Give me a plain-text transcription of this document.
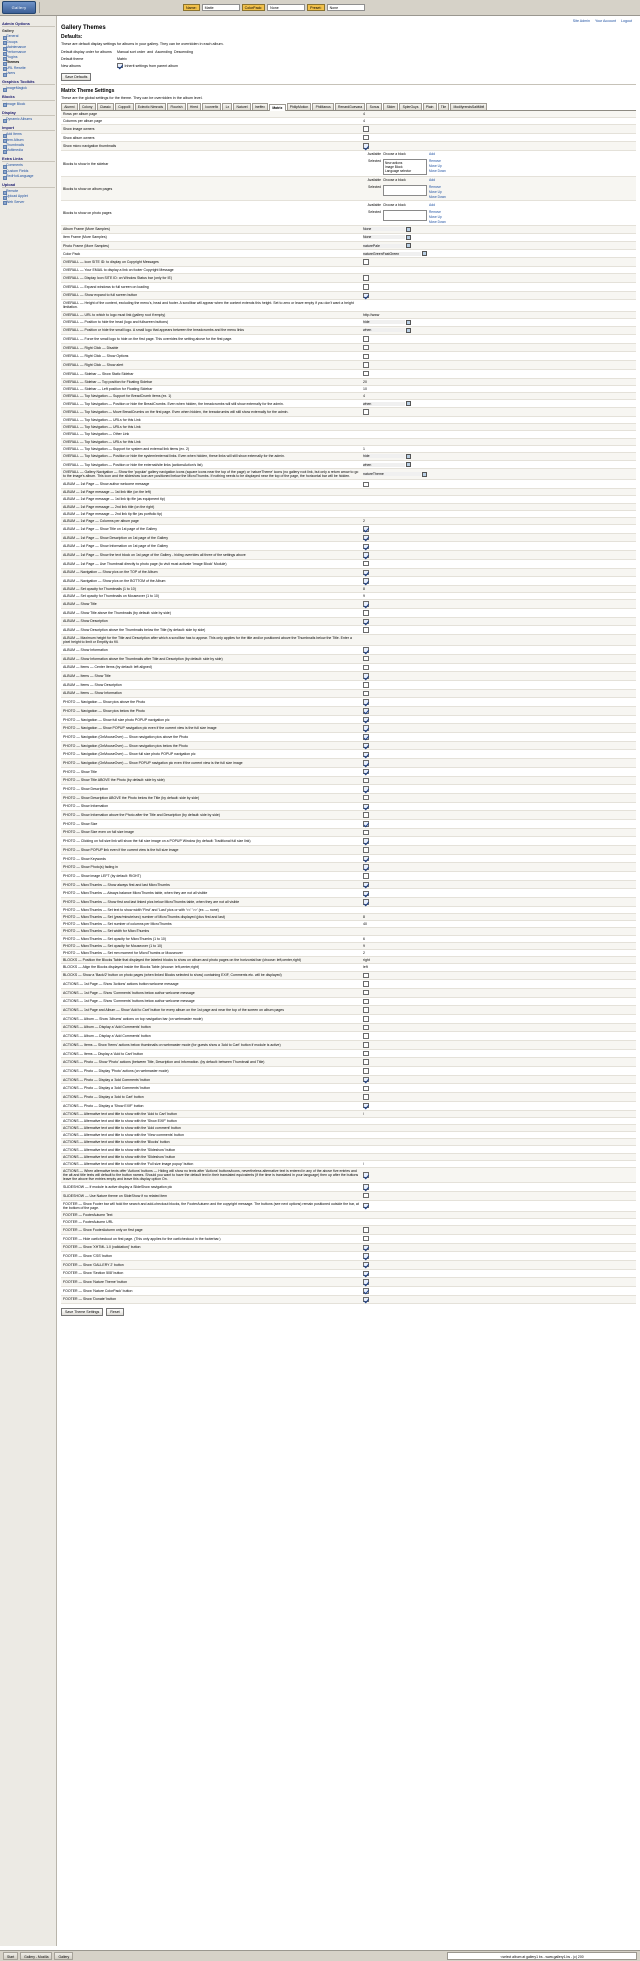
Gallery	Name:	Matte	ColorPack:	None	Preset:	None
Admin Options
Gallery
General
Groups
Maintenance
Performance
Plugins
Themes
URL Rewrite
Users
Graphics Toolkits
ImageMagick
Blocks
Image Block
Display
Dynamic Albums
Import
Add Items
Item Album
Thumbnails
Multimedia
Extra Links
Comments
Custom Fields
RedHotLanguage
Upload
Remote
Upload Applet
Web Server
Site Admin Your Account Logout
Gallery Themes
Defaults:
These are default display settings for albums in your gallery. They can be overridden in each album.
Default display order for albums	Manual sort order and Ascending Descending
Default theme	Matrix
New albums	Inherit settings from parent album
Save Defaults
Matrix Theme Settings
These are the global settings for the theme. They can be overridden in the album level.
Alumni	Colony	Classic	Coppolli	Eclectic Nimrods	Flourish	Hired	Iconrefix	Lx	Naturel	Ineffex	Matrix	PhilipMotion	PhiManus	RenardGuevara	Sonus	Slider	SplerGuys	Plain	Tile	ModifyrendsSaltMbfi
Rows per album page	4
Columns per album page	4
Show image owners	
Show album owners	
Show micro navigation thumbnails	
Blocks to show in the sidebar	
Available Choose a block	Add
Selected New actions
Image Block
Language selector
Remove
Move Up
Move Down

Blocks to show on album pages	
Available Choose a block	Add
Selected	Remove
Move Up
Move Down

Blocks to show on photo pages	
Available Choose a block	Add
Selected	Remove
Move Up
Move Down

Album Frame (More Samples)	None
Item Frame (More Samples)	None
Photo Frame (More Samples)	naturePale
Color Pack	natureGreenFastGreen
OVERALL — Icon SITE ID: to display on Copyright Messages	
OVERALL — Your EMAIL to display a link on footer Copyright Message	
OVERALL — Display Icon SITE ID: on Window Status bar (only for IE)	
OVERALL — Expand windows to full screen on loading	
OVERALL — Show expand to full screen button	
OVERALL — Height of the content, excluding the menu's, head and footer. A scrollbar will appear when the content extends this height. Set to zero or leave empty if you don't want a height limitation.	
OVERALL — URL to which to logo must link (gallery root if empty)	http://www
OVERALL — Position to hide the head (logo and fullscreen buttons)	hide
OVERALL — Position or hide the small logo. A small logo that appears between the breadcrumbs and the menu links	when
OVERALL — Force the small logo to hide on the first page. This overrides the setting above for the first page.	
OVERALL — Right Click — Disable	
OVERALL — Right Click — Show Options	
OVERALL — Right Click — Show alert	
OVERALL — Sidebar — Show Static Sidebar	
OVERALL — Sidebar — Top position for Floating Sidebar	20
OVERALL — Sidebar — Left position for Floating Sidebar	10
OVERALL — Top Navigation — Support for BreadCrumb items (ex. 1)	4
OVERALL — Top Navigation — Position or hide the BreadCrumbs. Even when hidden, the breadcrumbs will still show externally for the admin.	when
OVERALL — Top Navigation — Move BreadCrumbs on the first page. Even when hidden, the breadcrumbs will still show externally for the admin.	
OVERALL — Top Navigation — URLs for this Link	
OVERALL — Top Navigation — URLs for this Link	
OVERALL — Top Navigation — Other Link	
OVERALL — Top Navigation — URLs for this Link	
OVERALL — Top Navigation — Support for system and external link items (ex. 2)	1
OVERALL — Top Navigation — Position or hide the system/external links. Even when hidden, these links will still show externally for the admin.	hide
OVERALL — Top Navigation — Position or hide the external/site links (actionsAction's list)	when
OVERALL — Gallery Navigation — Show the 'popular' gallery navigation icons (square icons near the top of the page) or 'natureTheme' icons (no gallery root link, but only a return arrow to go to the image's album. This icon and the slideshow icon are positioned below the MicroThumbs. If nothing needs to be displayed near the top of the page, the horizontal bar will be hidden.	natureTheme
ALBUM — 1st Page — Show author welcome message	
ALBUM — 1st Page message — 1st link title (on the left)	
ALBUM — 1st Page message — 1st link tip file (as equipment tip)	
ALBUM — 1st Page message — 2nd link title (on the right)	
ALBUM — 1st Page message — 2nd link tip file (as portfolio tip)	
ALBUM — 1st Page — Columns per album page	2
ALBUM — 1st Page — Show Title on 1st page of the Gallery	
ALBUM — 1st Page — Show Description on 1st page of the Gallery	
ALBUM — 1st Page — Show Information on 1st page of the Gallery	
ALBUM — 1st Page — Show the text block on 1st page of the Gallery - hiding overrides all three of the settings above	
ALBUM — 1st Page — Use Thumbnail directly to photo page (to visit must activate 'Image Block' Module)	
ALBUM — Navigation — Show pics on the TOP of the Album	
ALBUM — Navigation — Show pics on the BOTTOM of the Album	
ALBUM — Set opacity for Thumbnails (1 to 10)	8
ALBUM — Set opacity for Thumbnails on Mouseover (1 to 10)	9
ALBUM — Show Title	
ALBUM — Show Title above the Thumbnails (by default: side by side)	
ALBUM — Show Description	
ALBUM — Show Description above the Thumbnails below the Title (by default: side by side)	
ALBUM — Maximum height for the Title and Description after which a scrollbar has to appear. This only applies for the title and/or positioned above the Thumbnails below the Title. Enter a pixel height to limit or Emptily do fill.	
ALBUM — Show Information	
ALBUM — Show Information above the Thumbnails after Title and Description (by default: side by side)	
ALBUM — Items — Center Items (by default: left aligned)	
ALBUM — Items — Show Title	
ALBUM — Items — Show Description	
ALBUM — Items — Show Information	
PHOTO — Navigation — Show pics above the Photo	
PHOTO — Navigation — Show pics below the Photo	
PHOTO — Navigation — Show full size photo POPUP navigation pic	
PHOTO — Navigation — Show POPUP navigation pic even if the current view is the full size image	
PHOTO — Navigation (OnMouseOver) — Show navigation pics above the Photo	
PHOTO — Navigation (OnMouseOver) — Show navigation pics below the Photo	
PHOTO — Navigation (OnMouseOver) — Show full size photo POPUP navigation pic	
PHOTO — Navigation (OnMouseOver) — Show POPUP navigation pic even if the current view is the full size image	
PHOTO — Show Title	
PHOTO — Show Title ABOVE the Photo (by default: side by side)	
PHOTO — Show Description	
PHOTO — Show Description ABOVE the Photo below the Title (by default: side by side)	
PHOTO — Show Information	
PHOTO — Show Information above the Photo after the Title and Description (by default: side by side)	
PHOTO — Show Size	
PHOTO — Show Size even on full size image	
PHOTO — Clicking on full size link will show the full size image on a POPUP Window (by default: Traditional full size link)	
PHOTO — Show POPUP link even if the current view is the full size image	
PHOTO — Show Keywords	
PHOTO — Show Photo(s) fading in	
PHOTO — Show image LEFT (by default: RIGHT)	
PHOTO — MicroThumbs — Show always first and last MicroThumbs	
PHOTO — MicroThumbs — Always balance MicroThumbs table, when they are not all visible	
PHOTO — MicroThumbs — Show first and last linked pics below MicroThumbs table, when they are not all visible	
PHOTO — MicroThumbs — Set text to show width 'First' and 'Last' pics or with '<<' '>>' (ex. — none)	
PHOTO — MicroThumbs — Set (year/minute/sec) number of MicroThumbs displayed (plus first and last)	8
PHOTO — MicroThumbs — Set number of columns per MicroThumbs	40
PHOTO — MicroThumbs — Set width for MicroThumbs	
PHOTO — MicroThumbs — Set opacity for MicroThumbs (1 to 10)	6
PHOTO — MicroThumbs — Set opacity for Mouseover (1 to 10)	9
PHOTO — MicroThumbs — Set mm moment for MicroThumbs or Mouseover	2
BLOCKS — Position the Blocks Table that displayed the labeled blocks to show on album and photo pages on the horizontal bar (choose: left,center,right)	right
BLOCKS — Align the Blocks displayed inside the Blocks Table (choose: left,center,right)	left
BLOCKS — Show a 'Back/2' button on photo pages (when linked Blocks selected to show) containing EXIF, Comments etc. will be displayed)	
ACTIONS — 1st Page — Show 'Actions' actions button welcome message	
ACTIONS — 1st Page — Show 'Comments' buttons below author welcome message	
ACTIONS — 1st Page — Show 'Comments' buttons below author welcome message	
ACTIONS — 1st Page and Album — Show 'Add to Cart' button for every album on the 1st page and near the top of the screen on album pages	
ACTIONS — Album — Show 'Albums' actions on top navigation bar (on webmaster mode)	
ACTIONS — Album — Display a 'Add Comments' button	
ACTIONS — Album — Display a 'Add Comments' button	
ACTIONS — Items — Show 'Items' actions below thumbnails on webmaster mode (for guests show a 'Add to Cart' button if module is active)	
ACTIONS — Items — Display a 'Add to Cart' button	
ACTIONS — Photo — Show 'Photo' actions (between Title, Description and Information. (by default: between Thumbnail and Title)	
ACTIONS — Photo — Display 'Photo' actions (on webmaster mode)	
ACTIONS — Photo — Display a 'Add Comments' button	
ACTIONS — Photo — Display a 'Add Comments' button	
ACTIONS — Photo — Display a 'Add to Cart' button	
ACTIONS — Photo — Display a 'Show EXIF' button	
ACTIONS — Alternative text and title to show with the 'Add to Cart' button	/
ACTIONS — Alternative text and title to show with the 'Show EXIF' button	
ACTIONS — Alternative text and title to show with the 'Add comment' button	
ACTIONS — Alternative text and title to show with the 'View comments' button	
ACTIONS — Alternative text and title to show with the 'Blocks' button	
ACTIONS — Alternative text and title to show with the 'Slideshow' button	
ACTIONS — Alternative text and title to show with the 'Slideshow' button	
ACTIONS — Alternative text and title to show with the 'Full size image popup' button	/
ACTIONS — When alternative texts offer 'Actions' buttons — Hiding will show no texts after 'Actions' buttons/icons, nevertheless alternative text is entered in any of the above five entries and the alt and title texts will default to the button names. Should you want to have the default text in their translated equivalents (if the time is translated in your language) then up after the buttons leave the above five entries empty and leave this display option On.	
SLIDESHOW — If module is active display a SlideShow navigation pic	
SLIDESHOW — Use Nature theme on SlideShow if no related item	
FOOTER — Show Footer bar will hold the search and add-checkout blocks, the FooterAutumn and the copyright message. The buttons (see next options) remain positioned outside the bar, at the bottom of the page.	
FOOTER — FooterAutumn Text	
FOOTER — FooterAutumn URL	
FOOTER — Show FooterAutumn only on first page	
FOOTER — Hide cart/checkout on first page. (This only applies for the cart/checkout in the footerbar.)	
FOOTER — Show 'XHTML 1.0 (validation)' button	
FOOTER — Show 'CSS' button	
FOOTER — Show 'GALLERY 2' button	
FOOTER — Show 'Section 508' button	
FOOTER — Show 'Nature Theme' button	
FOOTER — Show 'Nature ColorPack' button	
FOOTER — Show 'Donate' button	
Save Theme Settings	Reset
Start	Gallery - Mozilla	Gallery	<select album at gallery1 bs - www.gallery1.bs - (c) 200
